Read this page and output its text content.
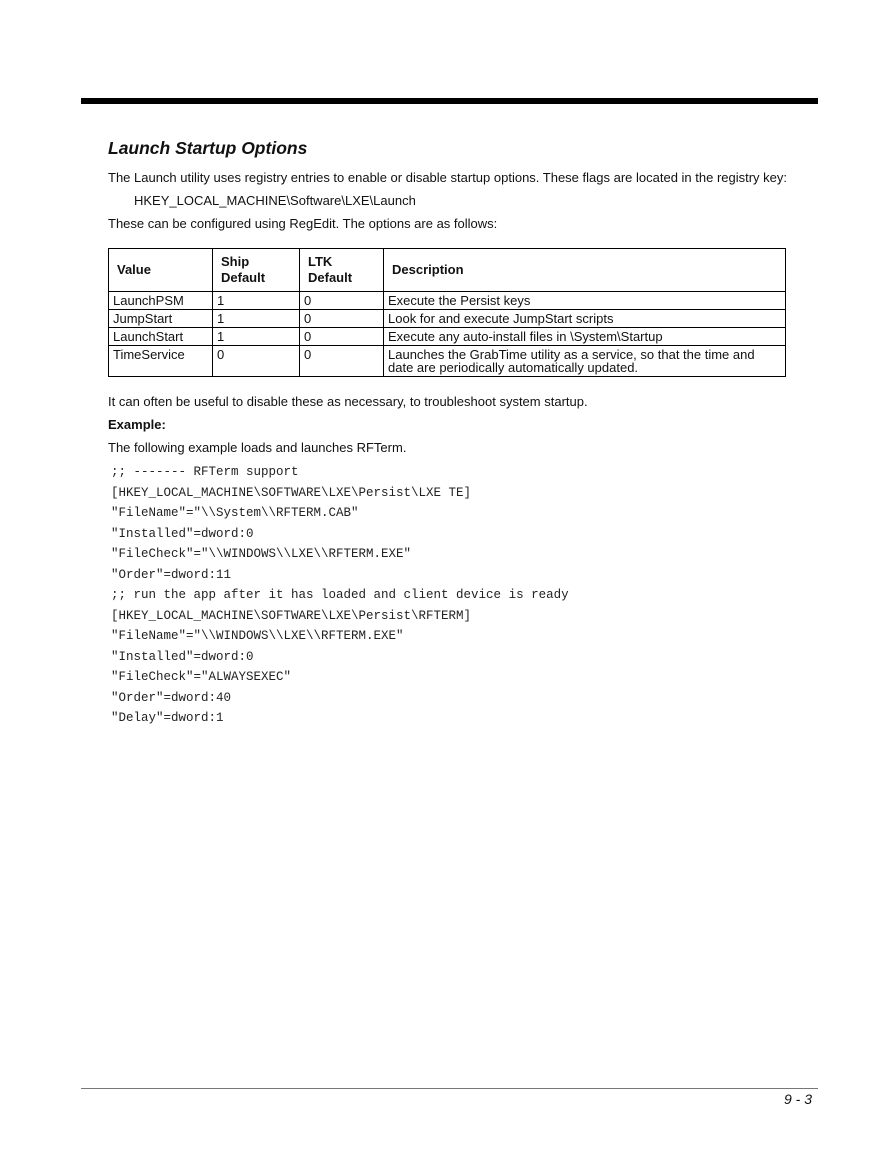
Launch Startup Options

The Launch utility uses registry entries to enable or disable startup options. These flags are located in the registry key:

HKEY_LOCAL_MACHINE\Software\LXE\Launch

These can be configured using RegEdit. The options are as follows:

Value	Ship Default	LTK Default	Description
LaunchPSM	1	0	Execute the Persist keys
JumpStart	1	0	Look for and execute JumpStart scripts
LaunchStart	1	0	Execute any auto-install files in \System\Startup
TimeService	0	0	Launches the GrabTime utility as a service, so that the time and date are periodically automatically updated.

It can often be useful to disable these as necessary, to troubleshoot system startup.

Example:

The following example loads and launches RFTerm.

;; ------- RFTerm support
[HKEY_LOCAL_MACHINE\SOFTWARE\LXE\Persist\LXE TE]
"FileName"="\\System\\RFTERM.CAB"
"Installed"=dword:0
"FileCheck"="\\WINDOWS\\LXE\\RFTERM.EXE"
"Order"=dword:11
;; run the app after it has loaded and client device is ready
[HKEY_LOCAL_MACHINE\SOFTWARE\LXE\Persist\RFTERM]
"FileName"="\\WINDOWS\\LXE\\RFTERM.EXE"
"Installed"=dword:0
"FileCheck"="ALWAYSEXEC"
"Order"=dword:40
"Delay"=dword:1
9 - 3
